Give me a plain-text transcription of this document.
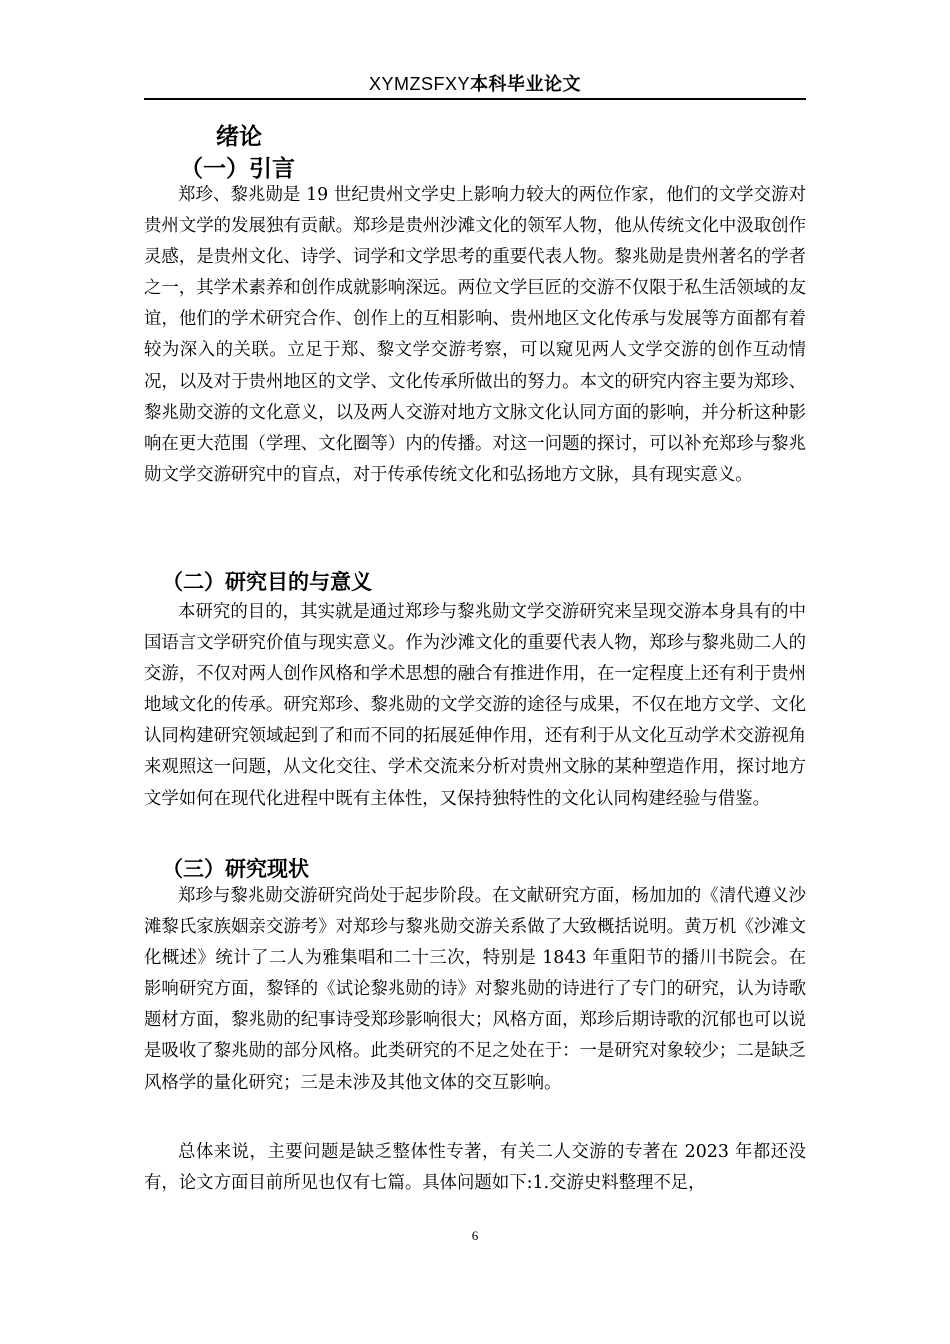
XYMZSFXY本科毕业论文
绪论
（一）引言

郑珍、黎兆勋是 19 世纪贵州文学史上影响力较大的两位作家，他们的文学交游对贵州文学的发展独有贡献。郑珍是贵州沙滩文化的领军人物，他从传统文化中汲取创作灵感，是贵州文化、诗学、词学和文学思考的重要代表人物。黎兆勋是贵州著名的学者之一，其学术素养和创作成就影响深远。两位文学巨匠的交游不仅限于私生活领域的友谊，他们的学术研究合作、创作上的互相影响、贵州地区文化传承与发展等方面都有着较为深入的关联。立足于郑、黎文学交游考察，可以窥见两人文学交游的创作互动情况，以及对于贵州地区的文学、文化传承所做出的努力。本文的研究内容主要为郑珍、黎兆勋交游的文化意义，以及两人交游对地方文脉文化认同方面的影响，并分析这种影响在更大范围（学理、文化圈等）内的传播。对这一问题的探讨，可以补充郑珍与黎兆勋文学交游研究中的盲点，对于传承传统文化和弘扬地方文脉，具有现实意义。

（二）研究目的与意义

本研究的目的，其实就是通过郑珍与黎兆勋文学交游研究来呈现交游本身具有的中国语言文学研究价值与现实意义。作为沙滩文化的重要代表人物，郑珍与黎兆勋二人的交游，不仅对两人创作风格和学术思想的融合有推进作用，在一定程度上还有利于贵州地域文化的传承。研究郑珍、黎兆勋的文学交游的途径与成果，不仅在地方文学、文化认同构建研究领域起到了和而不同的拓展延伸作用，还有利于从文化互动学术交游视角来观照这一问题，从文化交往、学术交流来分析对贵州文脉的某种塑造作用，探讨地方文学如何在现代化进程中既有主体性，又保持独特性的文化认同构建经验与借鉴。

（三）研究现状

郑珍与黎兆勋交游研究尚处于起步阶段。在文献研究方面，杨加加的《清代遵义沙滩黎氏家族姻亲交游考》对郑珍与黎兆勋交游关系做了大致概括说明。黄万机《沙滩文化概述》统计了二人为雅集唱和二十三次，特别是 1843 年重阳节的播川书院会。在影响研究方面，黎铎的《试论黎兆勋的诗》对黎兆勋的诗进行了专门的研究，认为诗歌题材方面，黎兆勋的纪事诗受郑珍影响很大；风格方面，郑珍后期诗歌的沉郁也可以说是吸收了黎兆勋的部分风格。此类研究的不足之处在于：一是研究对象较少；二是缺乏风格学的量化研究；三是未涉及其他文体的交互影响。

总体来说，主要问题是缺乏整体性专著，有关二人交游的专著在 2023 年都还没有，论文方面目前所见也仅有七篇。具体问题如下:1.交游史料整理不足，

6
